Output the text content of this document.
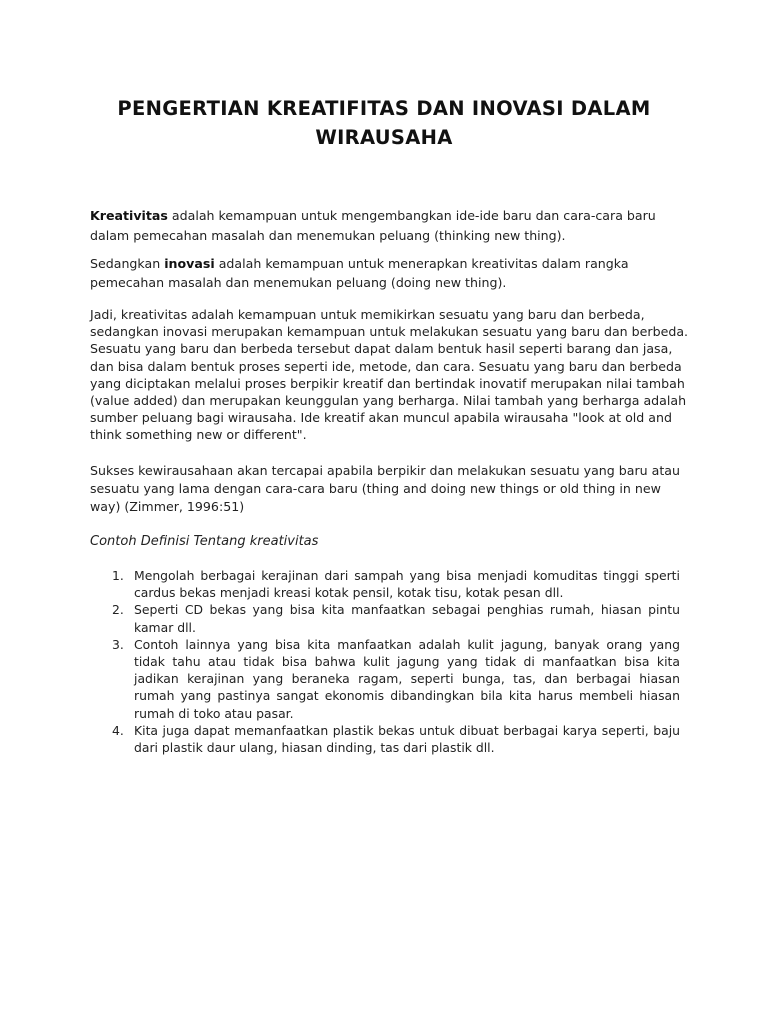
PENGERTIAN KREATIFITAS DAN INOVASI DALAM WIRAUSAHA

Kreativitas adalah kemampuan untuk mengembangkan ide-ide baru dan cara-cara baru dalam pemecahan masalah dan menemukan peluang (thinking new thing).

Sedangkan inovasi adalah kemampuan untuk menerapkan kreativitas dalam rangka pemecahan masalah dan menemukan peluang (doing new thing).

Jadi, kreativitas adalah kemampuan untuk memikirkan sesuatu yang baru dan berbeda, sedangkan inovasi merupakan kemampuan untuk melakukan sesuatu yang baru dan berbeda. Sesuatu yang baru dan berbeda tersebut dapat dalam bentuk hasil seperti barang dan jasa, dan bisa dalam bentuk proses seperti ide, metode, dan cara. Sesuatu yang baru dan berbeda yang diciptakan melalui proses berpikir kreatif dan bertindak inovatif merupakan nilai tambah (value added) dan merupakan keunggulan yang berharga. Nilai tambah yang berharga adalah sumber peluang bagi wirausaha. Ide kreatif akan muncul apabila wirausaha "look at old and think something new or different".

Sukses kewirausahaan akan tercapai apabila berpikir dan melakukan sesuatu yang baru atau sesuatu yang lama dengan cara-cara baru (thing and doing new things or old thing in new way) (Zimmer, 1996:51)

Contoh Definisi Tentang kreativitas

1. Mengolah berbagai kerajinan dari sampah yang bisa menjadi komuditas tinggi sperti cardus bekas menjadi kreasi kotak pensil, kotak tisu, kotak pesan dll.
2. Seperti CD bekas yang bisa kita manfaatkan sebagai penghias rumah, hiasan pintu kamar dll.
3. Contoh lainnya yang bisa kita manfaatkan adalah kulit jagung, banyak orang yang tidak tahu atau tidak bisa bahwa kulit jagung yang tidak di manfaatkan bisa kita jadikan kerajinan yang beraneka ragam, seperti bunga, tas, dan berbagai hiasan rumah yang pastinya sangat ekonomis dibandingkan bila kita harus membeli hiasan rumah di toko atau pasar.
4. Kita juga dapat memanfaatkan plastik bekas untuk dibuat berbagai karya seperti, baju dari plastik daur ulang, hiasan dinding, tas dari plastik dll.
